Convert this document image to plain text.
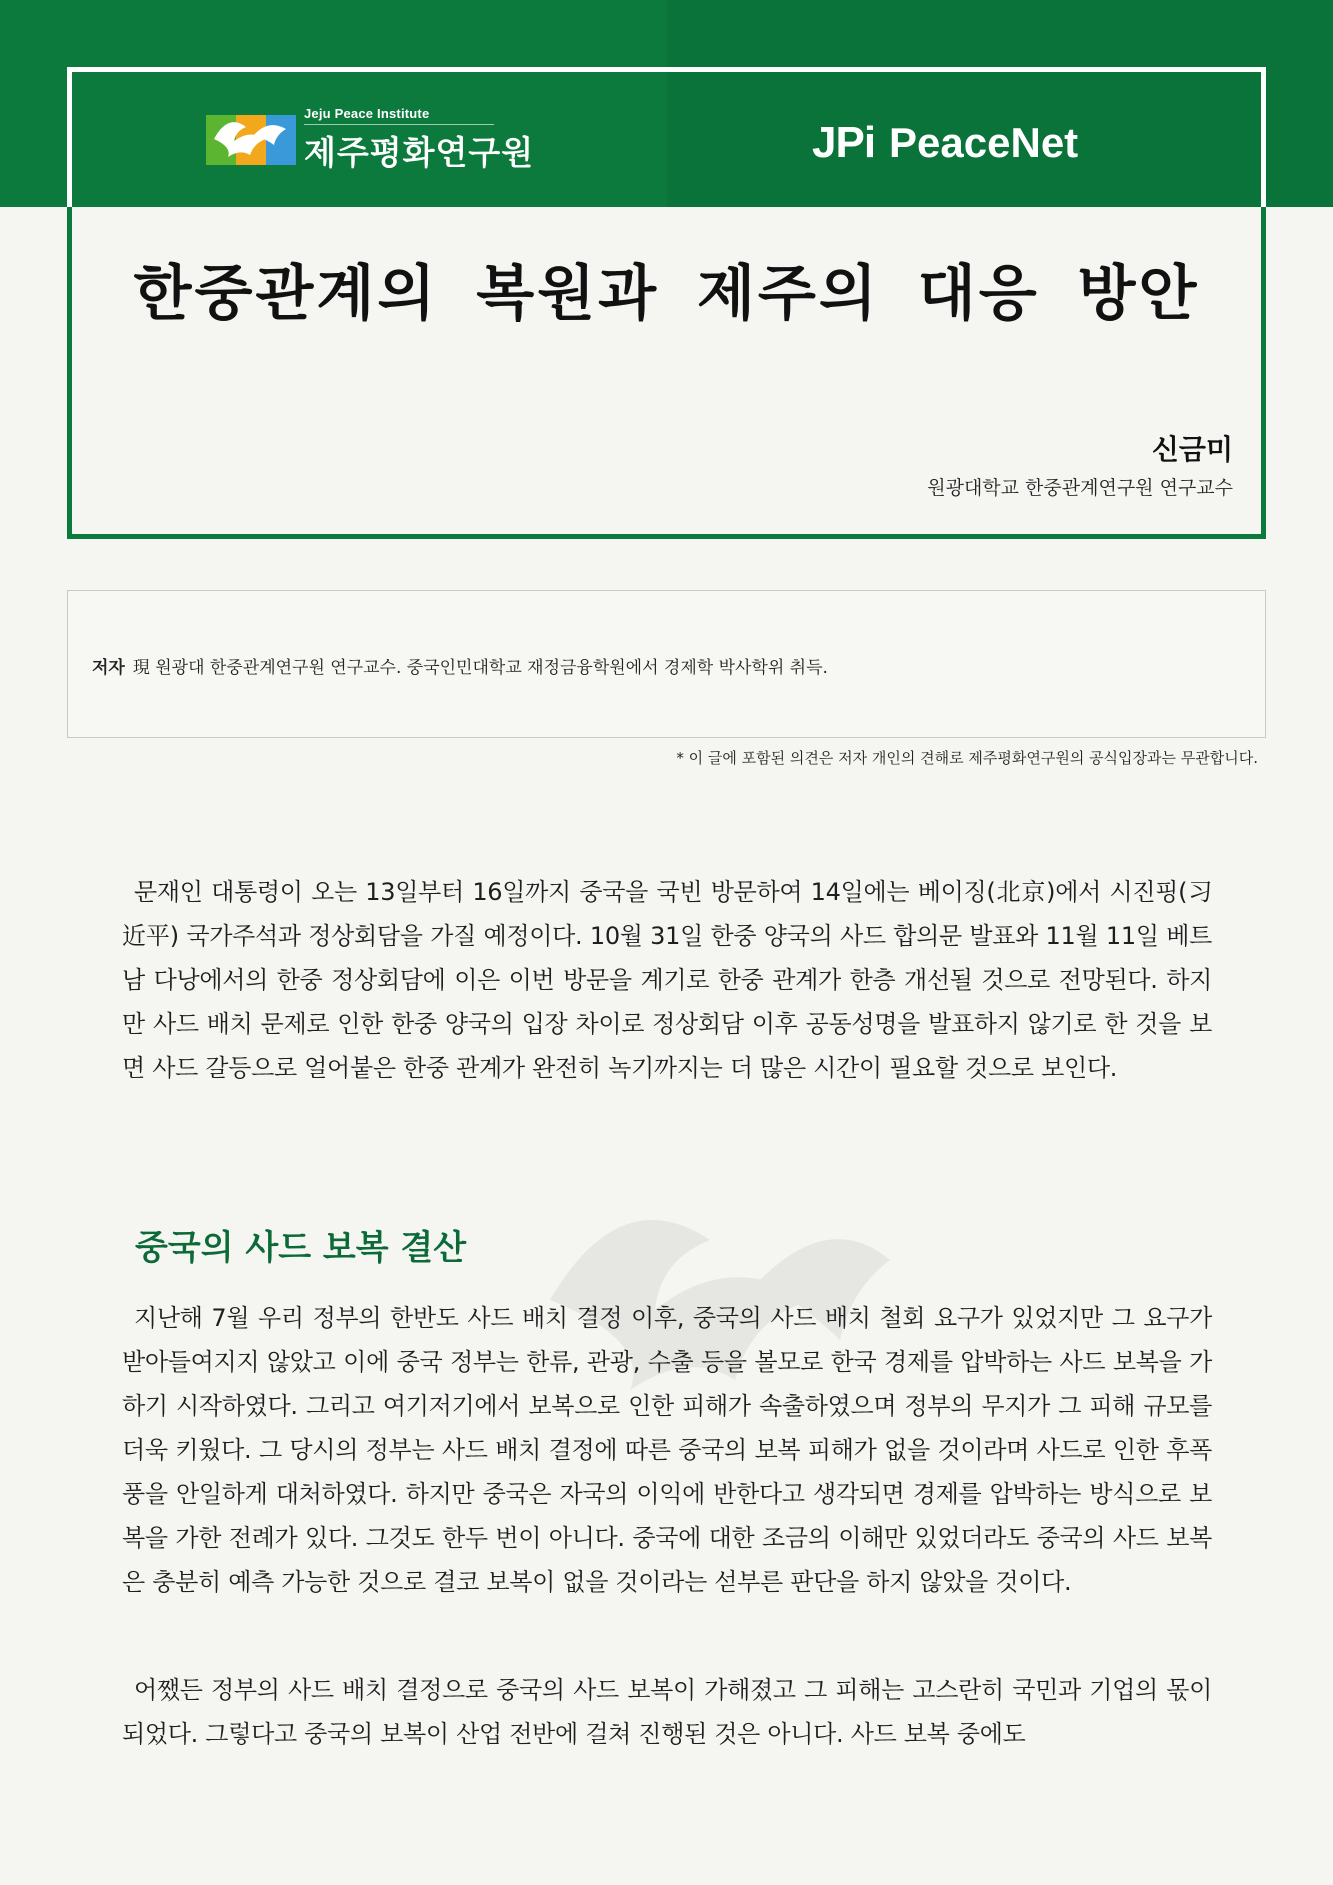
Jeju Peace Institute
제주평화연구원	JPi PeaceNet
한중관계의 복원과 제주의 대응 방안
신금미
원광대학교 한중관계연구원 연구교수
저자 現 원광대 한중관계연구원 연구교수. 중국인민대학교 재정금융학원에서 경제학 박사학위 취득.
* 이 글에 포함된 의견은 저자 개인의 견해로 제주평화연구원의 공식입장과는 무관합니다.

문재인 대통령이 오는 13일부터 16일까지 중국을 국빈 방문하여 14일에는 베이징(北京)에서 시진핑(习近平) 국가주석과 정상회담을 가질 예정이다. 10월 31일 한중 양국의 사드 합의문 발표와 11월 11일 베트남 다낭에서의 한중 정상회담에 이은 이번 방문을 계기로 한중 관계가 한층 개선될 것으로 전망된다. 하지만 사드 배치 문제로 인한 한중 양국의 입장 차이로 정상회담 이후 공동성명을 발표하지 않기로 한 것을 보면 사드 갈등으로 얼어붙은 한중 관계가 완전히 녹기까지는 더 많은 시간이 필요할 것으로 보인다.

중국의 사드 보복 결산

지난해 7월 우리 정부의 한반도 사드 배치 결정 이후, 중국의 사드 배치 철회 요구가 있었지만 그 요구가 받아들여지지 않았고 이에 중국 정부는 한류, 관광, 수출 등을 볼모로 한국 경제를 압박하는 사드 보복을 가하기 시작하였다. 그리고 여기저기에서 보복으로 인한 피해가 속출하였으며 정부의 무지가 그 피해 규모를 더욱 키웠다. 그 당시의 정부는 사드 배치 결정에 따른 중국의 보복 피해가 없을 것이라며 사드로 인한 후폭풍을 안일하게 대처하였다. 하지만 중국은 자국의 이익에 반한다고 생각되면 경제를 압박하는 방식으로 보복을 가한 전례가 있다. 그것도 한두 번이 아니다. 중국에 대한 조금의 이해만 있었더라도 중국의 사드 보복은 충분히 예측 가능한 것으로 결코 보복이 없을 것이라는 섣부른 판단을 하지 않았을 것이다.

어쨌든 정부의 사드 배치 결정으로 중국의 사드 보복이 가해졌고 그 피해는 고스란히 국민과 기업의 몫이 되었다. 그렇다고 중국의 보복이 산업 전반에 걸쳐 진행된 것은 아니다. 사드 보복 중에도
